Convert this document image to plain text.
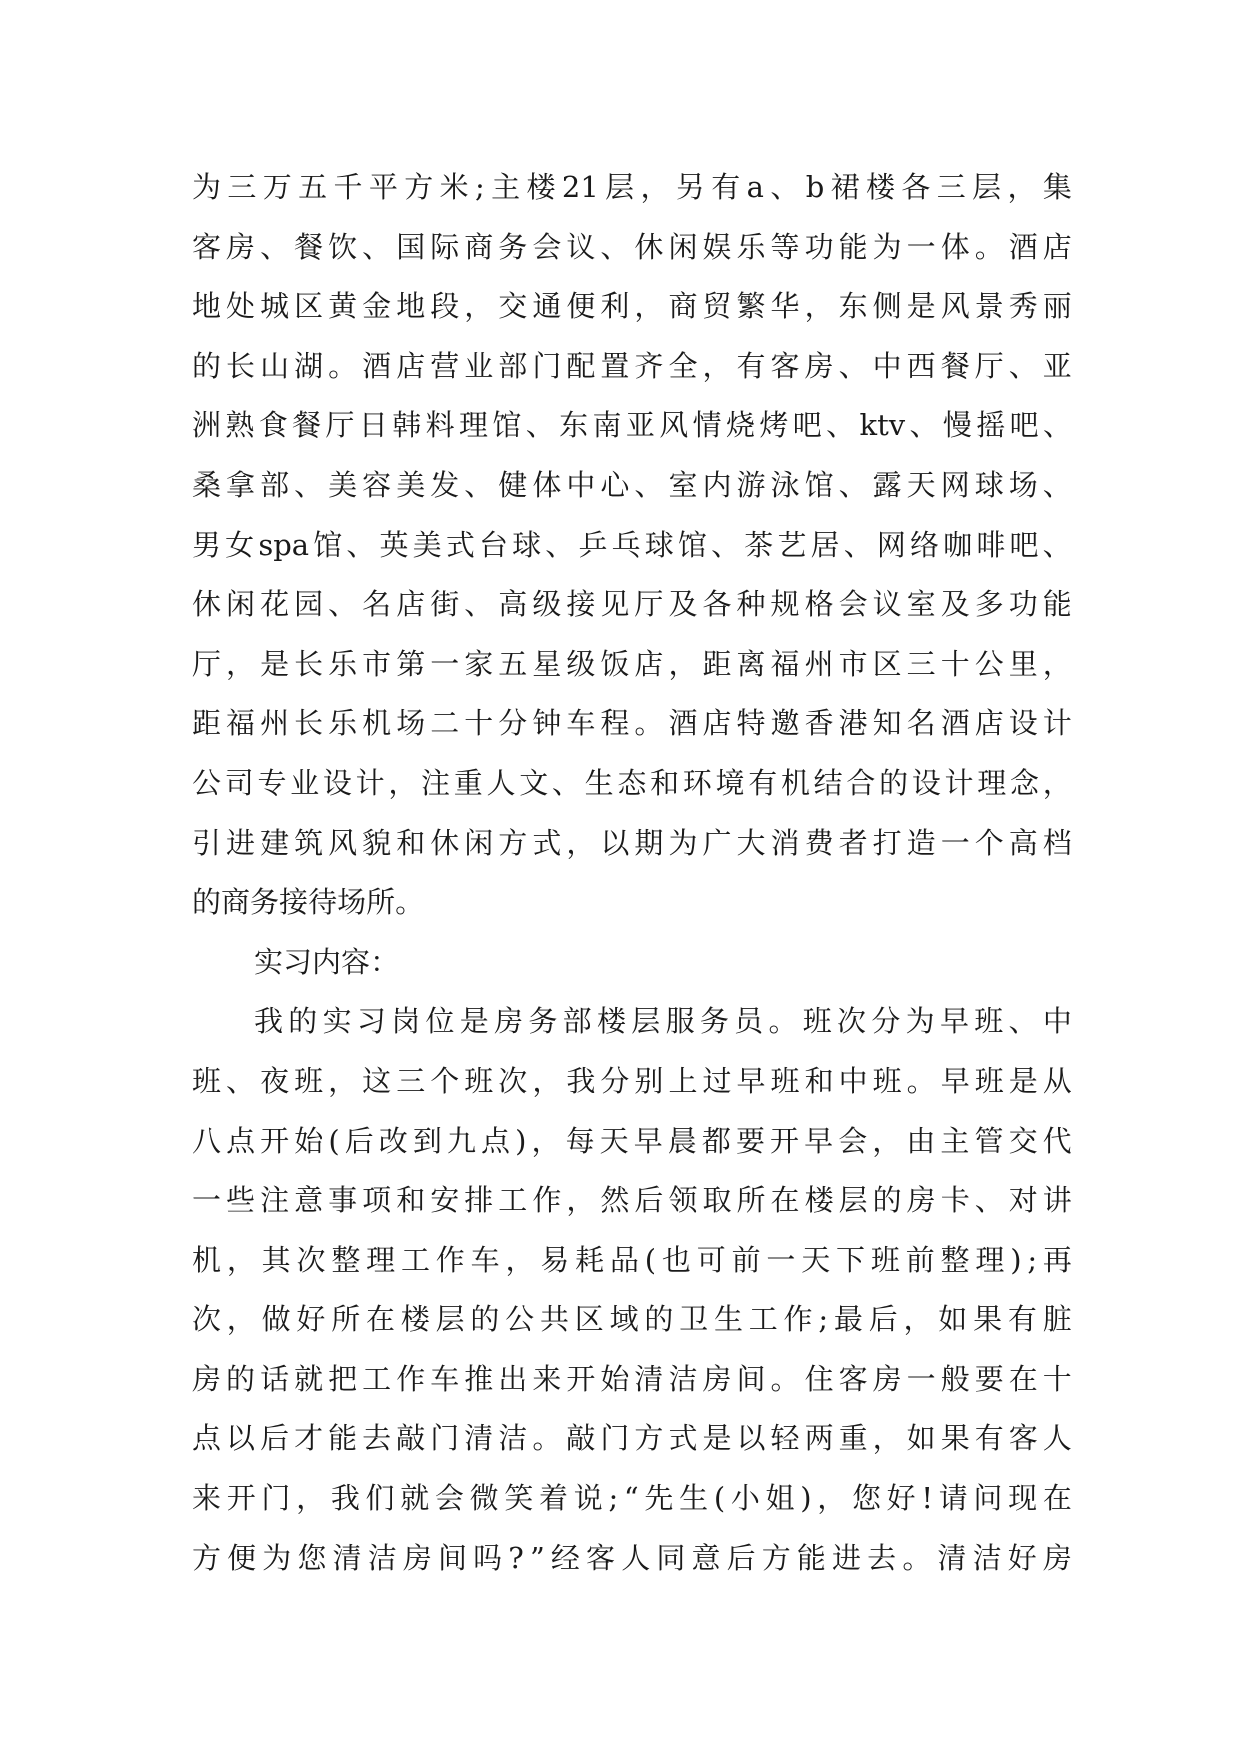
为 三 万 五 千 平 方 米 ; 主 楼 21 层 ， 另 有 a 、 b 裙 楼 各 三 层 ， 集
客 房 、 餐 饮 、 国 际 商 务 会 议 、 休 闲 娱 乐 等 功 能 为 一 体 。 酒 店
地 处 城 区 黄 金 地 段 ， 交 通 便 利 ， 商 贸 繁 华 ， 东 侧 是 风 景 秀 丽
的 长 山 湖 。 酒 店 营 业 部 门 配 置 齐 全 ， 有 客 房 、 中 西 餐 厅 、 亚
洲 熟 食 餐 厅 日 韩 料 理 馆 、 东 南 亚 风 情 烧 烤 吧 、 ktv 、 慢 摇 吧 、
桑 拿 部 、 美 容 美 发 、 健 体 中 心 、 室 内 游 泳 馆 、 露 天 网 球 场 、
男 女 spa 馆 、 英 美 式 台 球 、 乒 乓 球 馆 、 茶 艺 居 、 网 络 咖 啡 吧 、
休 闲 花 园 、 名 店 街 、 高 级 接 见 厅 及 各 种 规 格 会 议 室 及 多 功 能
厅 ， 是 长 乐 市 第 一 家 五 星 级 饭 店 ， 距 离 福 州 市 区 三 十 公 里 ，
距 福 州 长 乐 机 场 二 十 分 钟 车 程 。 酒 店 特 邀 香 港 知 名 酒 店 设 计
公 司 专 业 设 计 ， 注 重 人 文 、 生 态 和 环 境 有 机 结 合 的 设 计 理 念 ，
引 进 建 筑 风 貌 和 休 闲 方 式 ， 以 期 为 广 大 消 费 者 打 造 一 个 高 档
的 商 务 接 待 场 所 。
实 习 内 容 ：
我 的 实 习 岗 位 是 房 务 部 楼 层 服 务 员 。 班 次 分 为 早 班 、 中
班 、 夜 班 ， 这 三 个 班 次 ， 我 分 别 上 过 早 班 和 中 班 。 早 班 是 从
八 点 开 始 ( 后 改 到 九 点 ) ， 每 天 早 晨 都 要 开 早 会 ， 由 主 管 交 代
一 些 注 意 事 项 和 安 排 工 作 ， 然 后 领 取 所 在 楼 层 的 房 卡 、 对 讲
机 ， 其 次 整 理 工 作 车 ， 易 耗 品 ( 也 可 前 一 天 下 班 前 整 理 ) ; 再
次 ， 做 好 所 在 楼 层 的 公 共 区 域 的 卫 生 工 作 ; 最 后 ， 如 果 有 脏
房 的 话 就 把 工 作 车 推 出 来 开 始 清 洁 房 间 。 住 客 房 一 般 要 在 十
点 以 后 才 能 去 敲 门 清 洁 。 敲 门 方 式 是 以 轻 两 重 ， 如 果 有 客 人
来 开 门 ， 我 们 就 会 微 笑 着 说 ; “ 先 生 ( 小 姐 ) ， 您 好 ! 请 问 现 在
方 便 为 您 清 洁 房 间 吗 ? ” 经 客 人 同 意 后 方 能 进 去 。 清 洁 好 房
